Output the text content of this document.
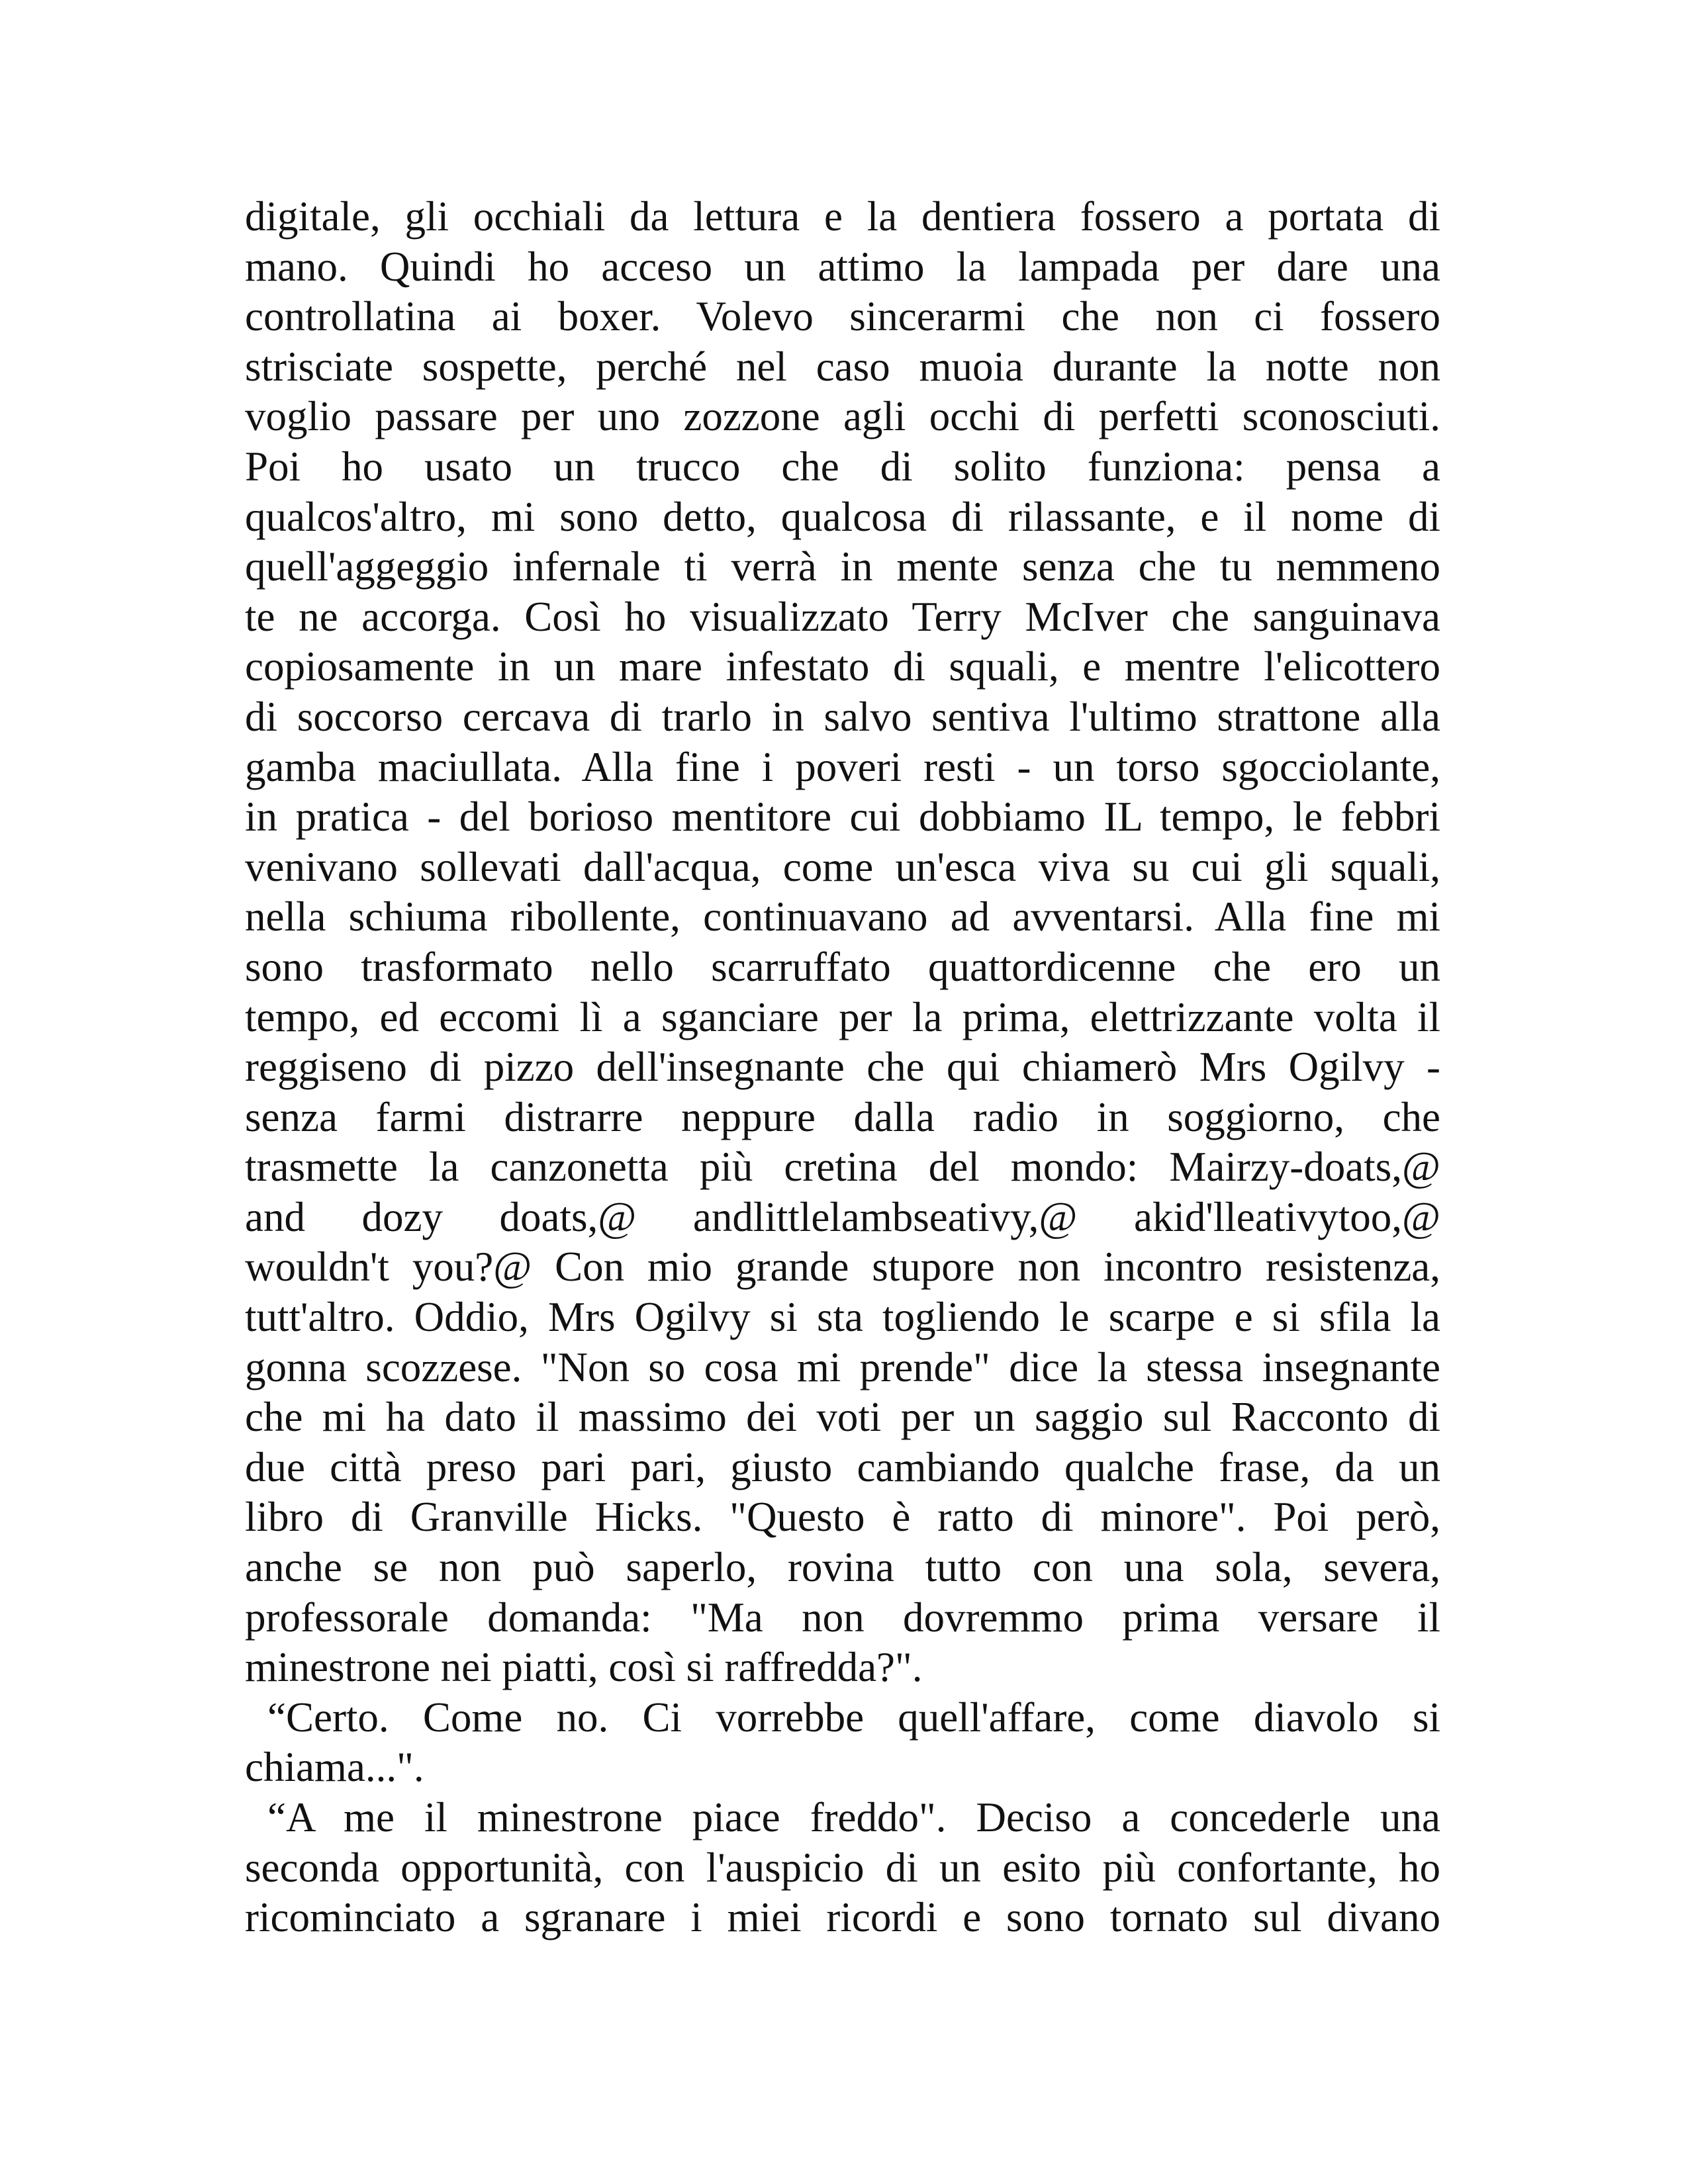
digitale, gli occhiali da lettura e la dentiera fossero a portata di
mano. Quindi ho acceso un attimo la lampada per dare una
controllatina ai boxer. Volevo sincerarmi che non ci fossero
strisciate sospette, perché nel caso muoia durante la notte non
voglio passare per uno zozzone agli occhi di perfetti sconosciuti.
Poi ho usato un trucco che di solito funziona: pensa a
qualcos'altro, mi sono detto, qualcosa di rilassante, e il nome di
quell'aggeggio infernale ti verrà in mente senza che tu nemmeno
te ne accorga. Così ho visualizzato Terry McIver che sanguinava
copiosamente in un mare infestato di squali, e mentre l'elicottero
di soccorso cercava di trarlo in salvo sentiva l'ultimo strattone alla
gamba maciullata. Alla fine i poveri resti - un torso sgocciolante,
in pratica - del borioso mentitore cui dobbiamo IL tempo, le febbri
venivano sollevati dall'acqua, come un'esca viva su cui gli squali,
nella schiuma ribollente, continuavano ad avventarsi. Alla fine mi
sono trasformato nello scarruffato quattordicenne che ero un
tempo, ed eccomi lì a sganciare per la prima, elettrizzante volta il
reggiseno di pizzo dell'insegnante che qui chiamerò Mrs Ogilvy -
senza farmi distrarre neppure dalla radio in soggiorno, che
trasmette la canzonetta più cretina del mondo: Mairzy-doats,@
and dozy doats,@ andlittlelambseativy,@ akid'lleativytoo,@
wouldn't you?@ Con mio grande stupore non incontro resistenza,
tutt'altro. Oddio, Mrs Ogilvy si sta togliendo le scarpe e si sfila la
gonna scozzese. "Non so cosa mi prende" dice la stessa insegnante
che mi ha dato il massimo dei voti per un saggio sul Racconto di
due città preso pari pari, giusto cambiando qualche frase, da un
libro di Granville Hicks. "Questo è ratto di minore". Poi però,
anche se non può saperlo, rovina tutto con una sola, severa,
professorale domanda: "Ma non dovremmo prima versare il
minestrone nei piatti, così si raffredda?".
“Certo. Come no. Ci vorrebbe quell'affare, come diavolo si
chiama...".
“A me il minestrone piace freddo". Deciso a concederle una
seconda opportunità, con l'auspicio di un esito più confortante, ho
ricominciato a sgranare i miei ricordi e sono tornato sul divano
